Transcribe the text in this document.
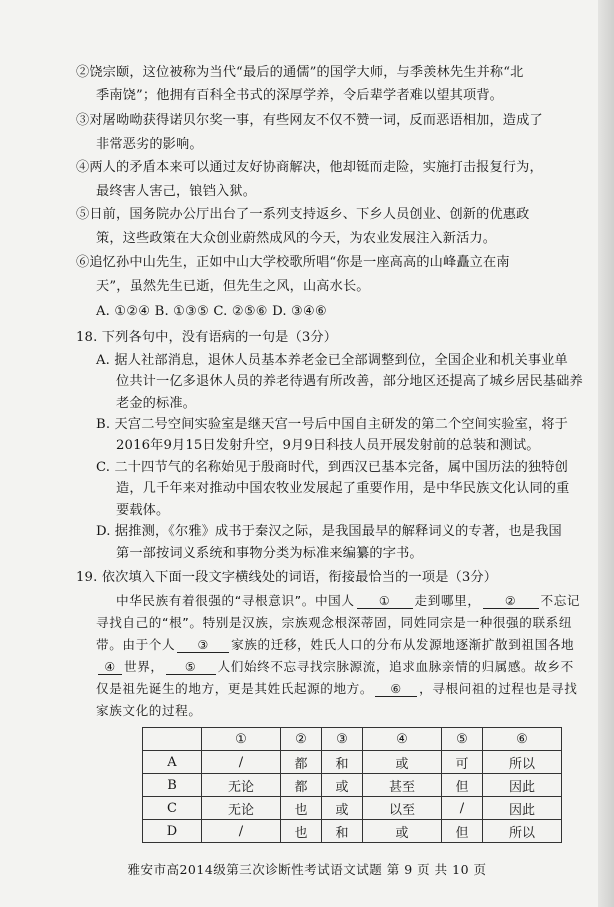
②饶宗颐，这位被称为当代“最后的通儒”的国学大师，与季羡林先生并称“北
季南饶”；他拥有百科全书式的深厚学养，令后辈学者难以望其项背。
③对屠呦呦获得诺贝尔奖一事，有些网友不仅不赞一词，反而恶语相加，造成了
非常恶劣的影响。
④两人的矛盾本来可以通过友好协商解决，他却铤而走险，实施打击报复行为，
最终害人害己，锒铛入狱。
⑤日前，国务院办公厅出台了一系列支持返乡、下乡人员创业、创新的优惠政
策，这些政策在大众创业蔚然成风的今天，为农业发展注入新活力。
⑥追忆孙中山先生，正如中山大学校歌所唱“你是一座高高的山峰矗立在南
天”，虽然先生已逝，但先生之风，山高水长。
A. ①②④ B. ①③⑤ C. ②⑤⑥ D. ③④⑥
18. 下列各句中，没有语病的一句是（3分）
A. 据人社部消息，退休人员基本养老金已全部调整到位，全国企业和机关事业单
位共计一亿多退休人员的养老待遇有所改善，部分地区还提高了城乡居民基础养
老金的标准。
B. 天宫二号空间实验室是继天宫一号后中国自主研发的第二个空间实验室，将于
2016年9月15日发射升空，9月9日科技人员开展发射前的总装和测试。
C. 二十四节气的名称始见于殷商时代，到西汉已基本完备，属中国历法的独特创
造，几千年来对推动中国农牧业发展起了重要作用，是中华民族文化认同的重
要载体。
D. 据推测，《尔雅》成书于秦汉之际，是我国最早的解释词义的专著，也是我国
第一部按词义系统和事物分类为标准来编纂的字书。
19. 依次填入下面一段文字横线处的词语，衔接最恰当的一项是（3分）
中华民族有着很强的“寻根意识”。中国人 ① 走到哪里， ② 不忘记
寻找自己的“根”。特别是汉族，宗族观念根深蒂固，同姓同宗是一种很强的联系纽
带。由于个人 ③ 家族的迁移，姓氏人口的分布从发源地逐渐扩散到祖国各地
④ 世界， ⑤ 人们始终不忘寻找宗脉源流，追求血脉亲情的归属感。故乡不
仅是祖先诞生的地方，更是其姓氏起源的地方。 ⑥ ，寻根问祖的过程也是寻找
家族文化的过程。
	①	②	③	④	⑤	⑥
A	/	都	和	或	可	所以
B	无论	都	或	甚至	但	因此
C	无论	也	或	以至	/	因此
D	/	也	和	或	但	所以
雅安市高2014级第三次诊断性考试语文试题 第 9 页 共 10 页
